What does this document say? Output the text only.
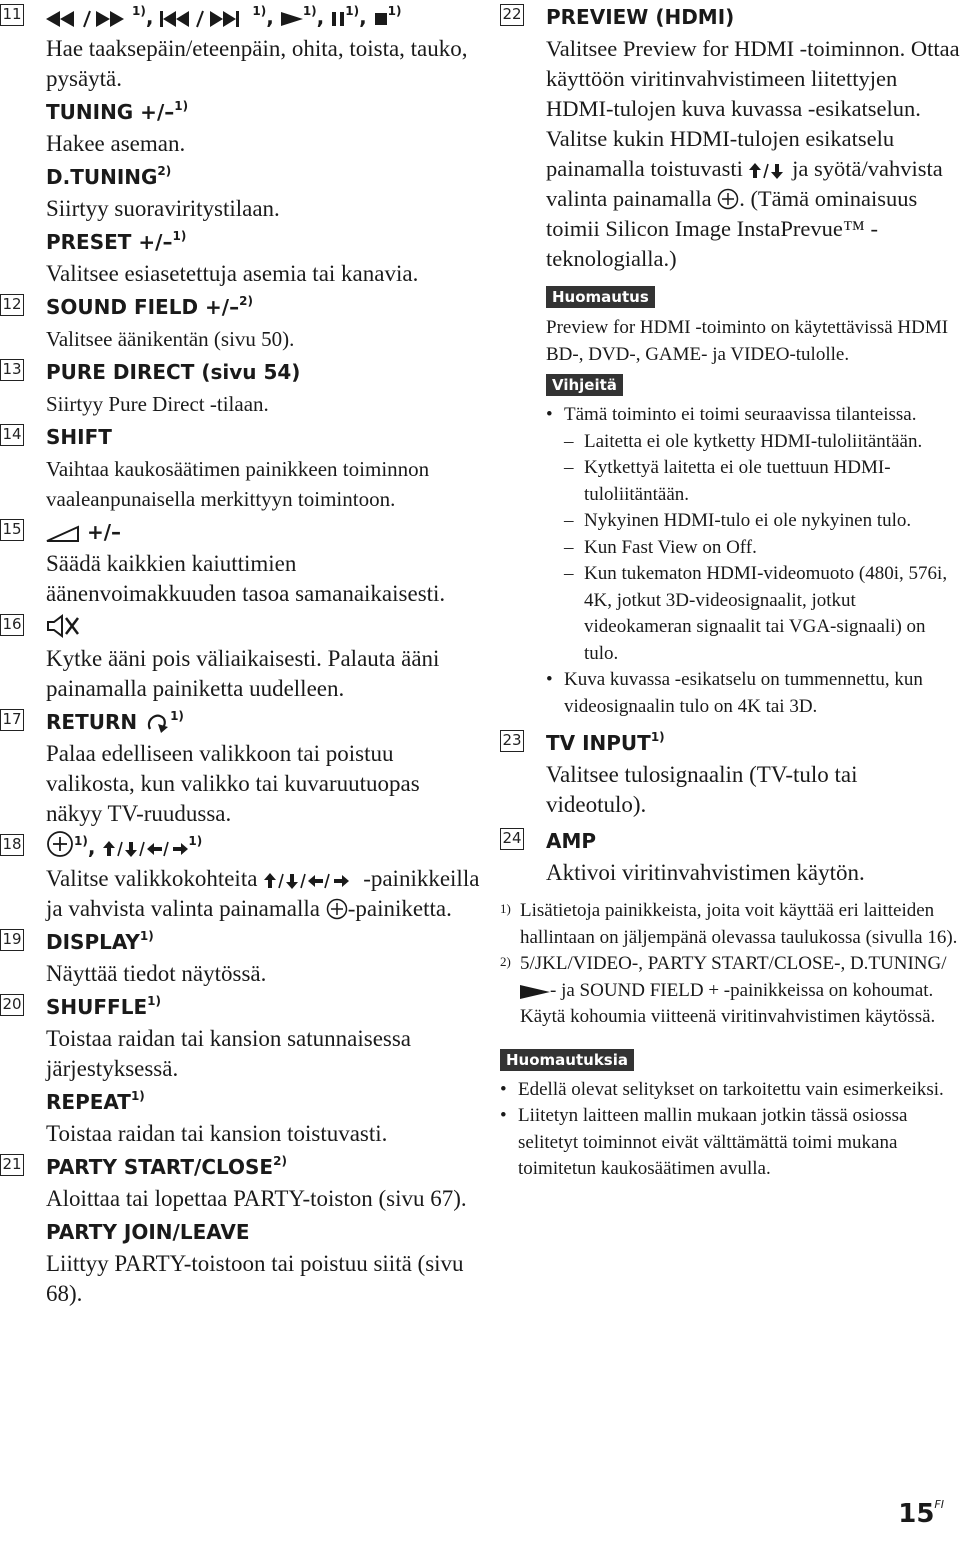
11	$^{1)}$,	$^{1)}$, $^{1)}$, $^{1)}$, $^{1)}$
Hae taaksepäin/eteenpäin, ohita, toista, tauko, pysäytä.
TUNING +/–$^{1)}$
Hakee aseman.
D.TUNING$^{2)}$
Siirtyy suoraviritystilaan.
PRESET +/–$^{1)}$
Valitsee esiasetettuja asemia tai kanavia.
12 SOUND FIELD +/–$^{2)}$
Valitsee äänikentän (sivu 50).
13 PURE DIRECT (sivu 54)
Siirtyy Pure Direct -tilaan.
14 SHIFT
Vaihtaa kaukosäätimen painikkeen toiminnon vaaleanpunaisella merkittyyn toimintoon.
15	+/–
Säädä kaikkien kaiuttimien äänenvoimakkuuden tasoa samanaikaisesti.
16
Kytke ääni pois väliaikaisesti. Palauta ääni painamalla painiketta uudelleen.
17 RETURN	$^{1)}$
Palaa edelliseen valikkoon tai poistuu valikosta, kun valikko tai kuvaruutuopas näkyy TV-ruudussa.
18	$^{1)}$,	$^{1)}$
Valitse valikkokohteita	-painikkeilla ja vahvista valinta painamalla -painiketta.
19 DISPLAY$^{1)}$
Näyttää tiedot näytössä.
20 SHUFFLE$^{1)}$
Toistaa raidan tai kansion satunnaisessa järjestyksessä.
REPEAT$^{1)}$
Toistaa raidan tai kansion toistuvasti.
21 PARTY START/CLOSE$^{2)}$
Aloittaa tai lopettaa PARTY-toiston (sivu 67).
PARTY JOIN/LEAVE
Liittyy PARTY-toistoon tai poistuu siitä (sivu 68).
22 PREVIEW (HDMI)
Valitsee Preview for HDMI -toiminnon. Ottaa käyttöön viritinvahvistimeen liitettyjen HDMI-tulojen kuva kuvassa -esikatselun. Valitse kukin HDMI-tulojen esikatselu painamalla toistuvasti ja syötä/vahvista valinta painamalla . (Tämä ominaisuus toimii Silicon Image InstaPrevue™ -teknologialla.)
Huomautus

Preview for HDMI -toiminto on käytettävissä HDMI BD-, DVD-, GAME- ja VIDEO-tulolle.

Vihjeitä
• Tämä toiminto ei toimi seuraavissa tilanteissa.
– Laitetta ei ole kytketty HDMI-tuloliitäntään.
– Kytkettyä laitetta ei ole tuettuun HDMI-tuloliitäntään.
– Nykyinen HDMI-tulo ei ole nykyinen tulo.
– Kun Fast View on Off.
– Kun tukematon HDMI-videomuoto (480i, 576i, 4K, jotkut 3D-videosignaalit, jotkut videokameran signaalit tai VGA-signaali) on tulo.
• Kuva kuvassa -esikatselu on tummennettu, kun videosignaalin tulo on 4K tai 3D.
23 TV INPUT$^{1)}$
Valitsee tulosignaalin (TV-tulo tai videotulo).
24 AMP
Aktivoi viritinvahvistimen käytön.
1) Lisätietoja painikkeista, joita voit käyttää eri laitteiden hallintaan on jäljempänä olevassa taulukossa (sivulla 16).
2) 5/JKL/VIDEO-, PARTY START/CLOSE-, D.TUNING/- ja SOUND FIELD + -painikkeissa on kohoumat. Käytä kohoumia viitteenä viritinvahvistimen käytössä.
Huomautuksia
• Edellä olevat selitykset on tarkoitettu vain esimerkeiksi.
• Liitetyn laitteen mallin mukaan jotkin tässä osiossa selitetyt toiminnot eivät välttämättä toimi mukana toimitetun kaukosäätimen avulla.
$15^{FI}$
